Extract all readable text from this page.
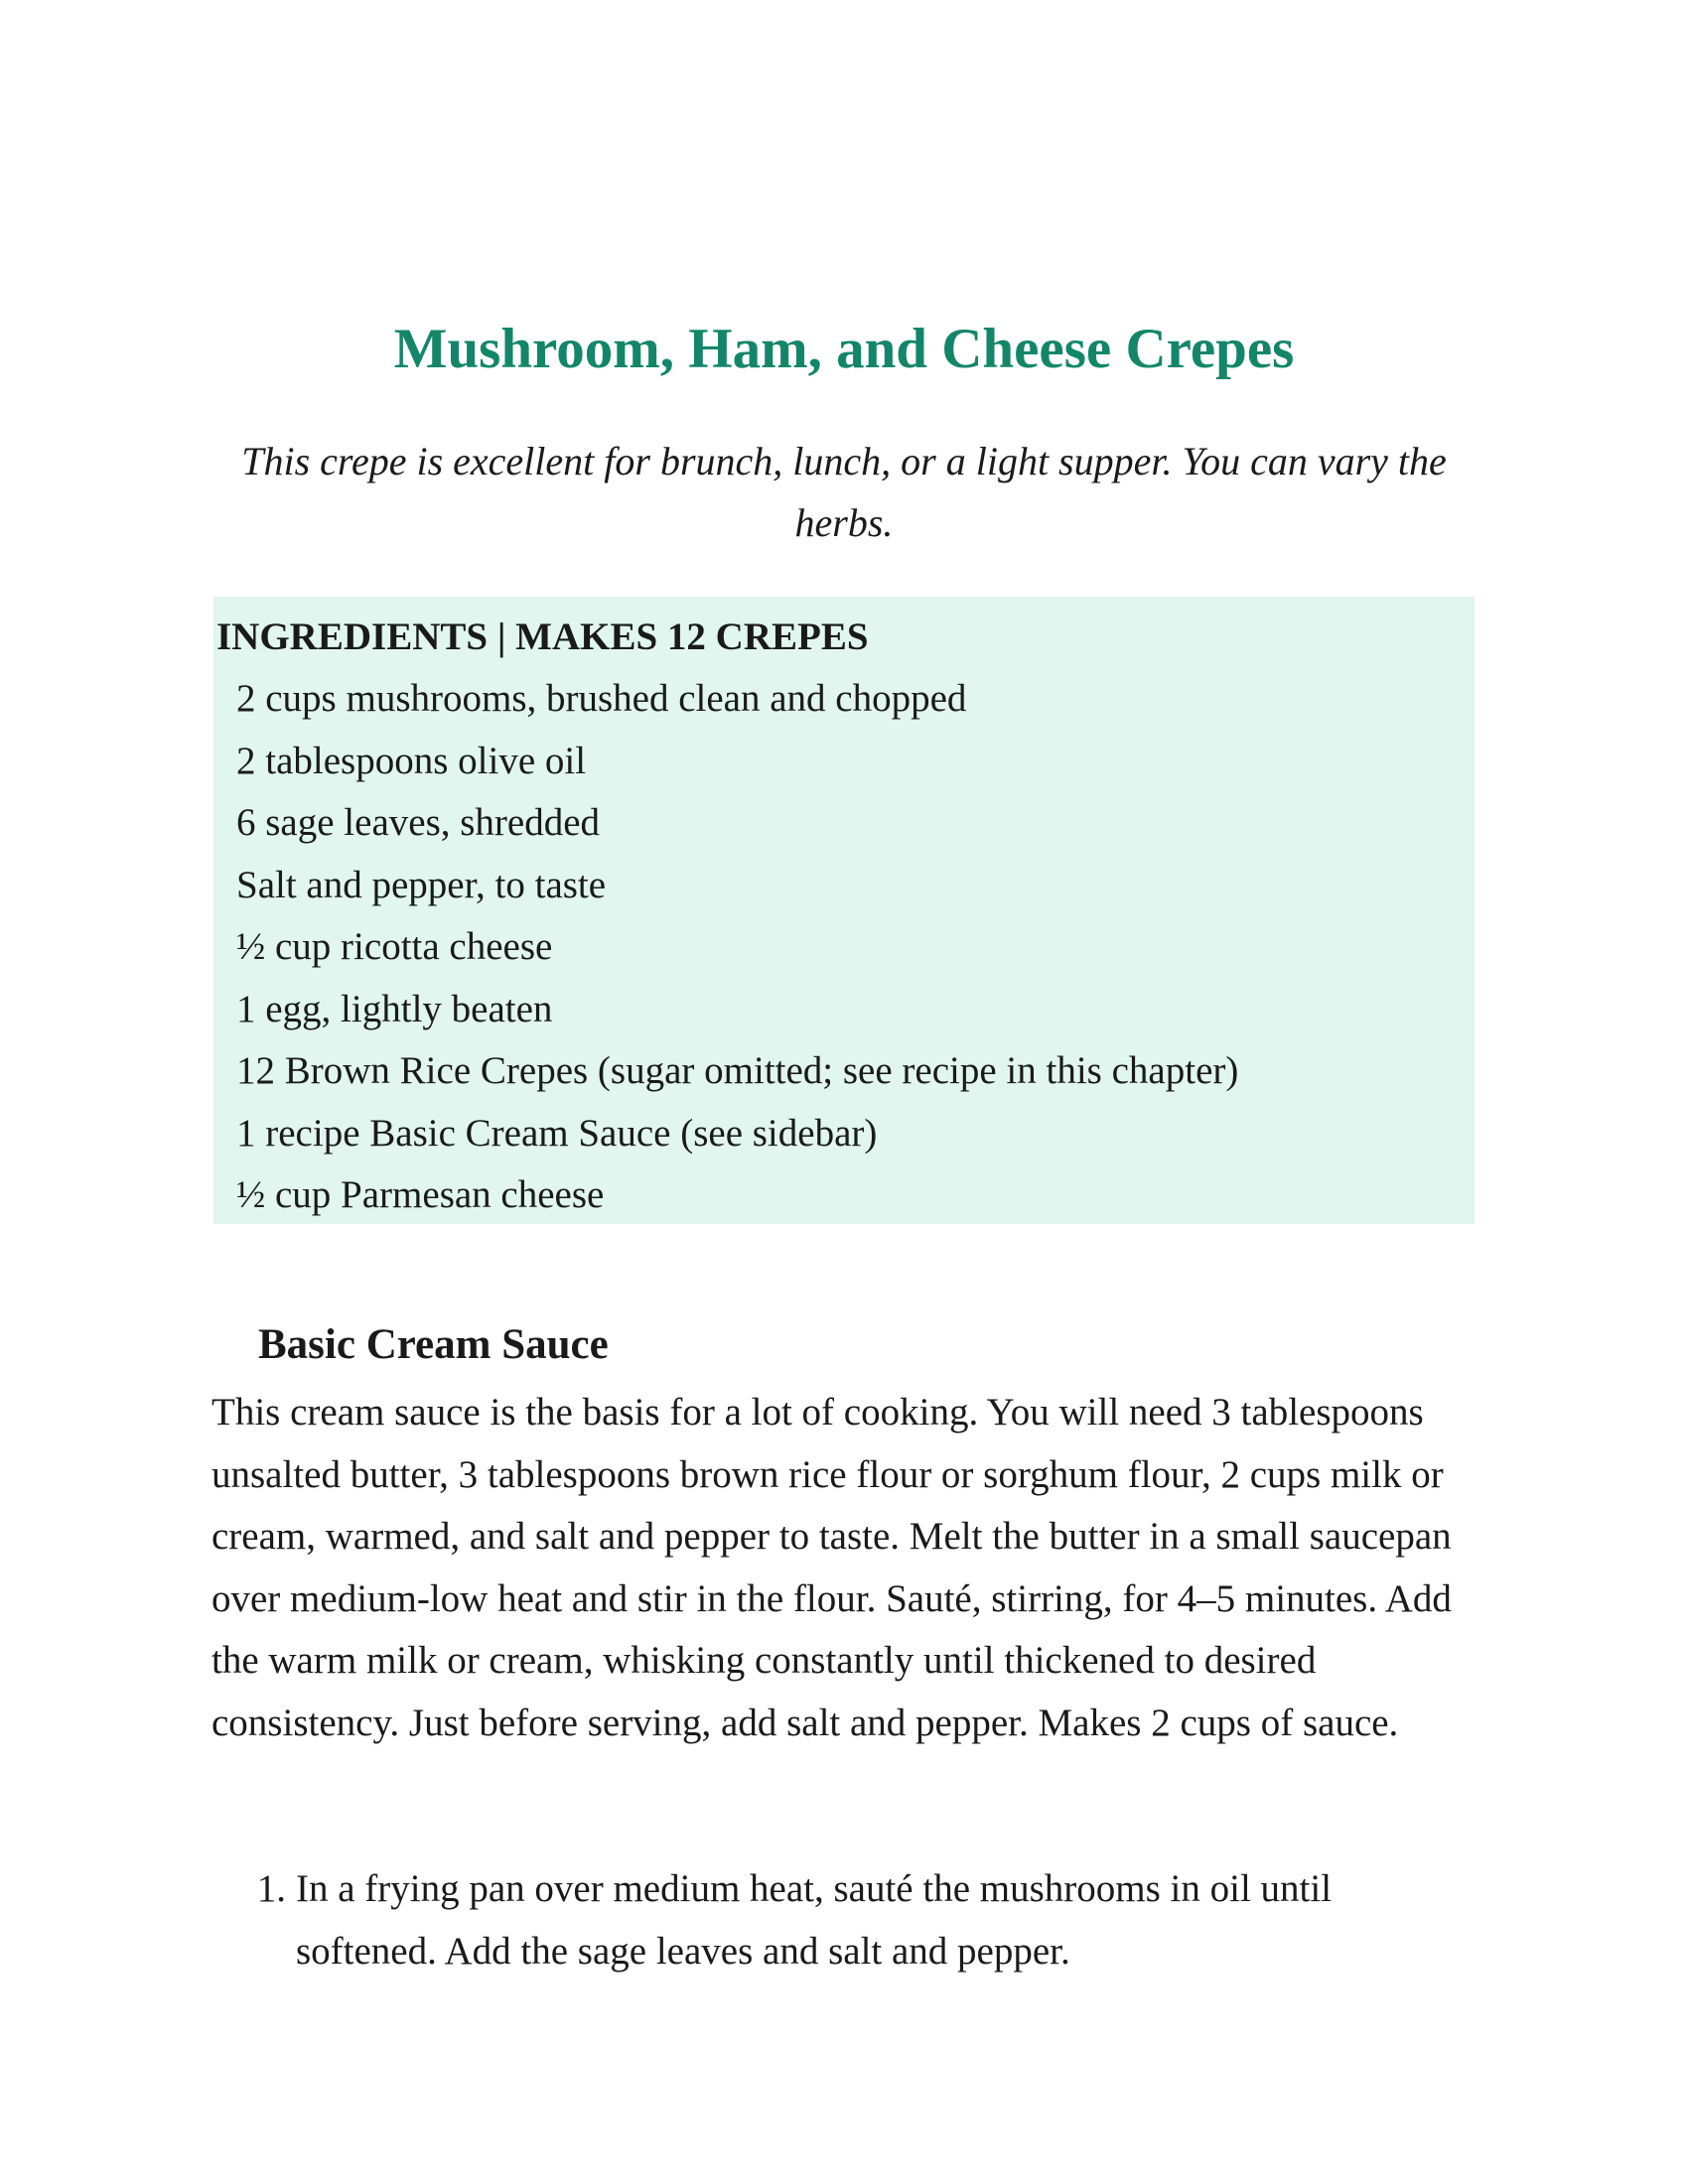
Mushroom, Ham, and Cheese Crepes

This crepe is excellent for brunch, lunch, or a light supper. You can vary the herbs.

INGREDIENTS | MAKES 12 CREPES
2 cups mushrooms, brushed clean and chopped
2 tablespoons olive oil
6 sage leaves, shredded
Salt and pepper, to taste
½ cup ricotta cheese
1 egg, lightly beaten
12 Brown Rice Crepes (sugar omitted; see recipe in this chapter)
1 recipe Basic Cream Sauce (see sidebar)
½ cup Parmesan cheese
Basic Cream Sauce

This cream sauce is the basis for a lot of cooking. You will need 3 tablespoons unsalted butter, 3 tablespoons brown rice flour or sorghum flour, 2 cups milk or cream, warmed, and salt and pepper to taste. Melt the butter in a small saucepan over medium-low heat and stir in the flour. Sauté, stirring, for 4–5 minutes. Add the warm milk or cream, whisking constantly until thickened to desired consistency. Just before serving, add salt and pepper. Makes 2 cups of sauce.

1. In a frying pan over medium heat, sauté the mushrooms in oil until softened. Add the sage leaves and salt and pepper.
